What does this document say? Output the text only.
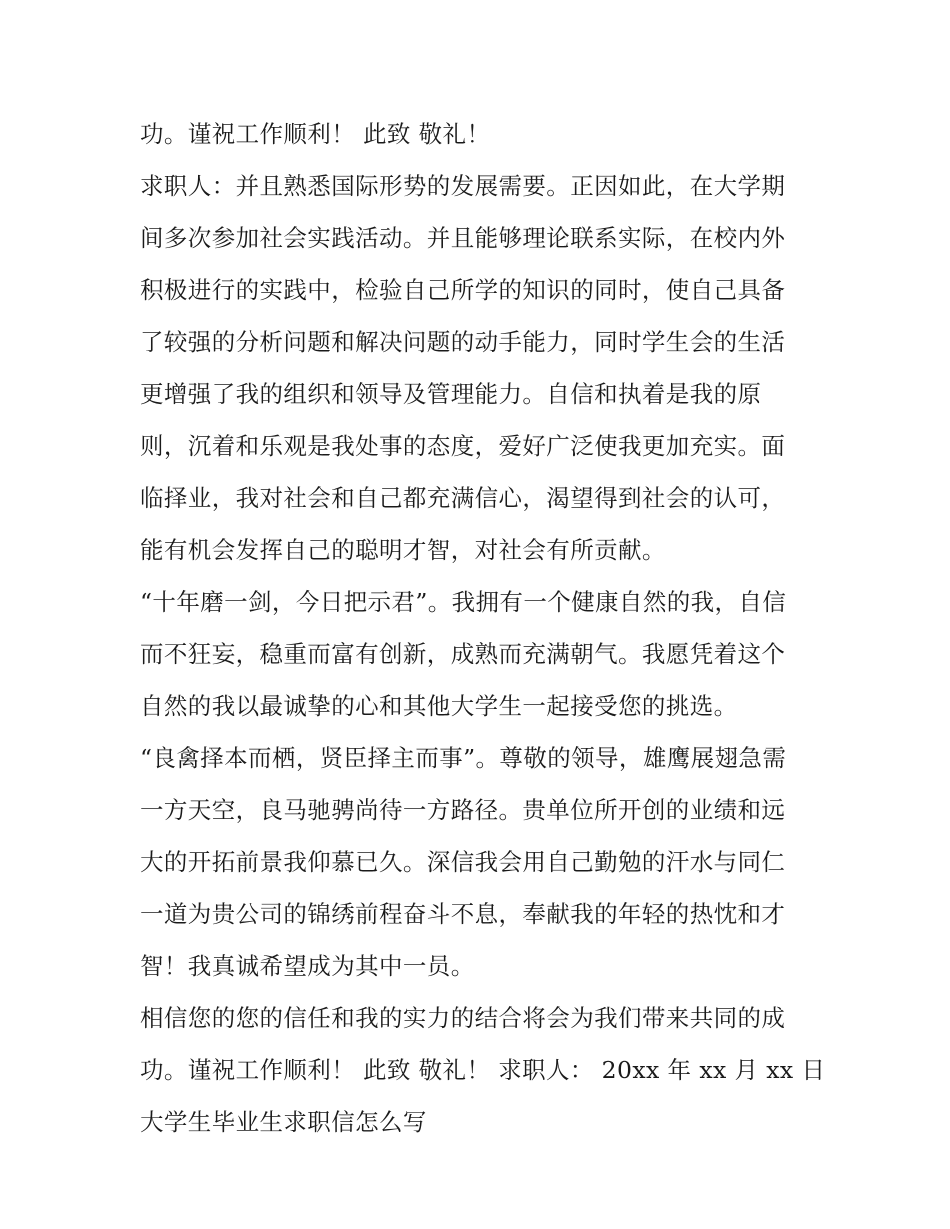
功。谨祝工作顺利！ 此致 敬礼！
求职人：并且熟悉国际形势的发展需要。正因如此，在大学期
间多次参加社会实践活动。并且能够理论联系实际，在校内外
积极进行的实践中，检验自己所学的知识的同时，使自己具备
了较强的分析问题和解决问题的动手能力，同时学生会的生活
更增强了我的组织和领导及管理能力。自信和执着是我的原
则，沉着和乐观是我处事的态度，爱好广泛使我更加充实。面
临择业，我对社会和自己都充满信心，渴望得到社会的认可，
能有机会发挥自己的聪明才智，对社会有所贡献。
“十年磨一剑，今日把示君”。我拥有一个健康自然的我，自信
而不狂妄，稳重而富有创新，成熟而充满朝气。我愿凭着这个
自然的我以最诚挚的心和其他大学生一起接受您的挑选。
“良禽择本而栖，贤臣择主而事”。尊敬的领导，雄鹰展翅急需
一方天空，良马驰骋尚待一方路径。贵单位所开创的业绩和远
大的开拓前景我仰慕已久。深信我会用自己勤勉的汗水与同仁
一道为贵公司的锦绣前程奋斗不息，奉献我的年轻的热忱和才
智！我真诚希望成为其中一员。
相信您的您的信任和我的实力的结合将会为我们带来共同的成
功。谨祝工作顺利！ 此致 敬礼！ 求职人： 20xx 年 xx 月 xx 日
大学生毕业生求职信怎么写
